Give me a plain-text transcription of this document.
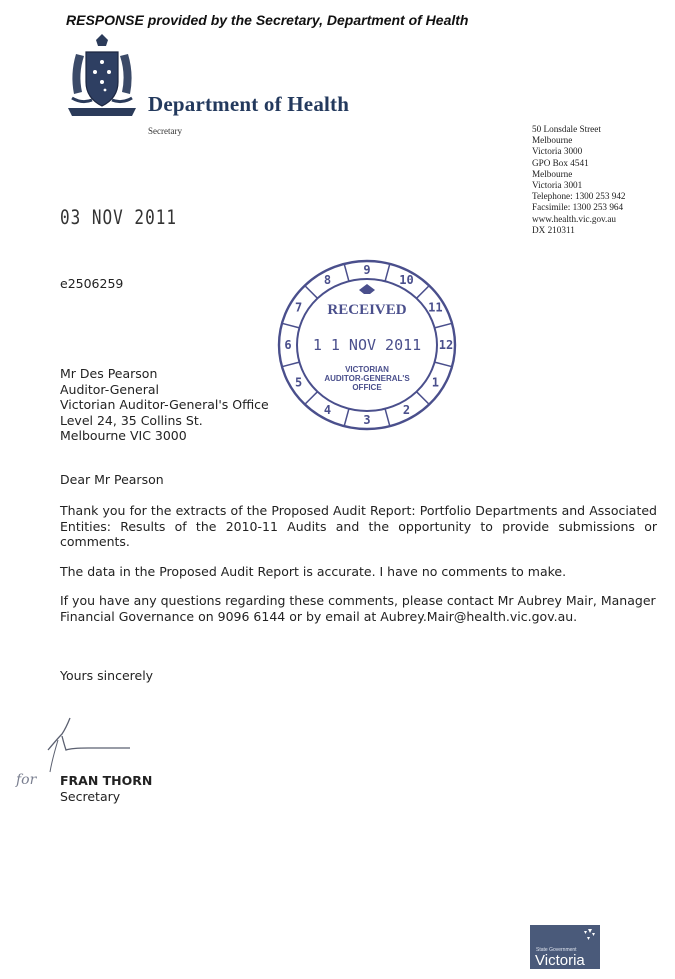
RESPONSE provided by the Secretary, Department of Health
Department of Health
Secretary	50 Lonsdale Street
Melbourne
Victoria 3000
GPO Box 4541
Melbourne
Victoria 3001
Telephone: 1300 253 942
Facsimile: 1300 253 964
www.health.vic.gov.au
DX 210311
03 NOV 2011
e2506259
9
10
11
12
1
2
3
4
5
6
7
8
RECEIVED
1 1 NOV 2011
VICTORIAN
AUDITOR-GENERAL'S
OFFICE
Mr Des Pearson
Auditor-General
Victorian Auditor-General's Office
Level 24, 35 Collins St.
Melbourne VIC 3000
Dear Mr Pearson
Thank you for the extracts of the Proposed Audit Report: Portfolio Departments and Associated Entities: Results of the 2010-11 Audits and the opportunity to provide submissions or comments.
The data in the Proposed Audit Report is accurate. I have no comments to make.
If you have any questions regarding these comments, please contact Mr Aubrey Mair, Manager Financial Governance on 9096 6144 or by email at Aubrey.Mair@health.vic.gov.au.
Yours sincerely
for FRAN THORN
Secretary
State Government
Victoria
